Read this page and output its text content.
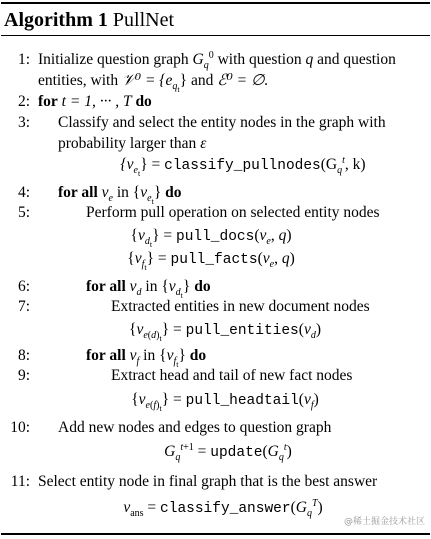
Algorithm 1 PullNet
1: Initialize question graph $G_q^0$ with question q and question
entities, with 𝒱⁰ = $\{e_{q_t}\}$ and ℰ⁰ = ∅.
2: for t = 1, ··· , T do
3: Classify and select the entity nodes in the graph with
probability larger than ε
$\{v_{e_t}\}$ = $classify\_pullnodes(G_q^t$, k)
4: for all $v_e$ in $\{v_{e_t}\}$ do
5:	Perform pull operation on selected entity nodes
$\{v_{d_t}\}$ = $pull\_docs(v_e$, q)
$\{v_{f_t}\}$ = $pull\_facts(v_e$, q)
6:	for all $v_d$ in $\{v_{d_t}\}$ do
7:	Extracted entities in new document nodes
$\{v_{e(d)_t}\}$ = $pull\_entities(v_d)$
8:	for all $v_f$ in $\{v_{f_t}\}$ do
9:	Extract head and tail of new fact nodes
$\{v_{e(f)_t}\}$ = $pull\_headtail(v_f)$
10: Add new nodes and edges to question graph
$G_q^{t+1}$ = $update(G_q^t)$
11: Select entity node in final graph that is the best answer
$v_{ans}$ = $classify\_answer(G_q^T)$
@稀土掘金技术社区
